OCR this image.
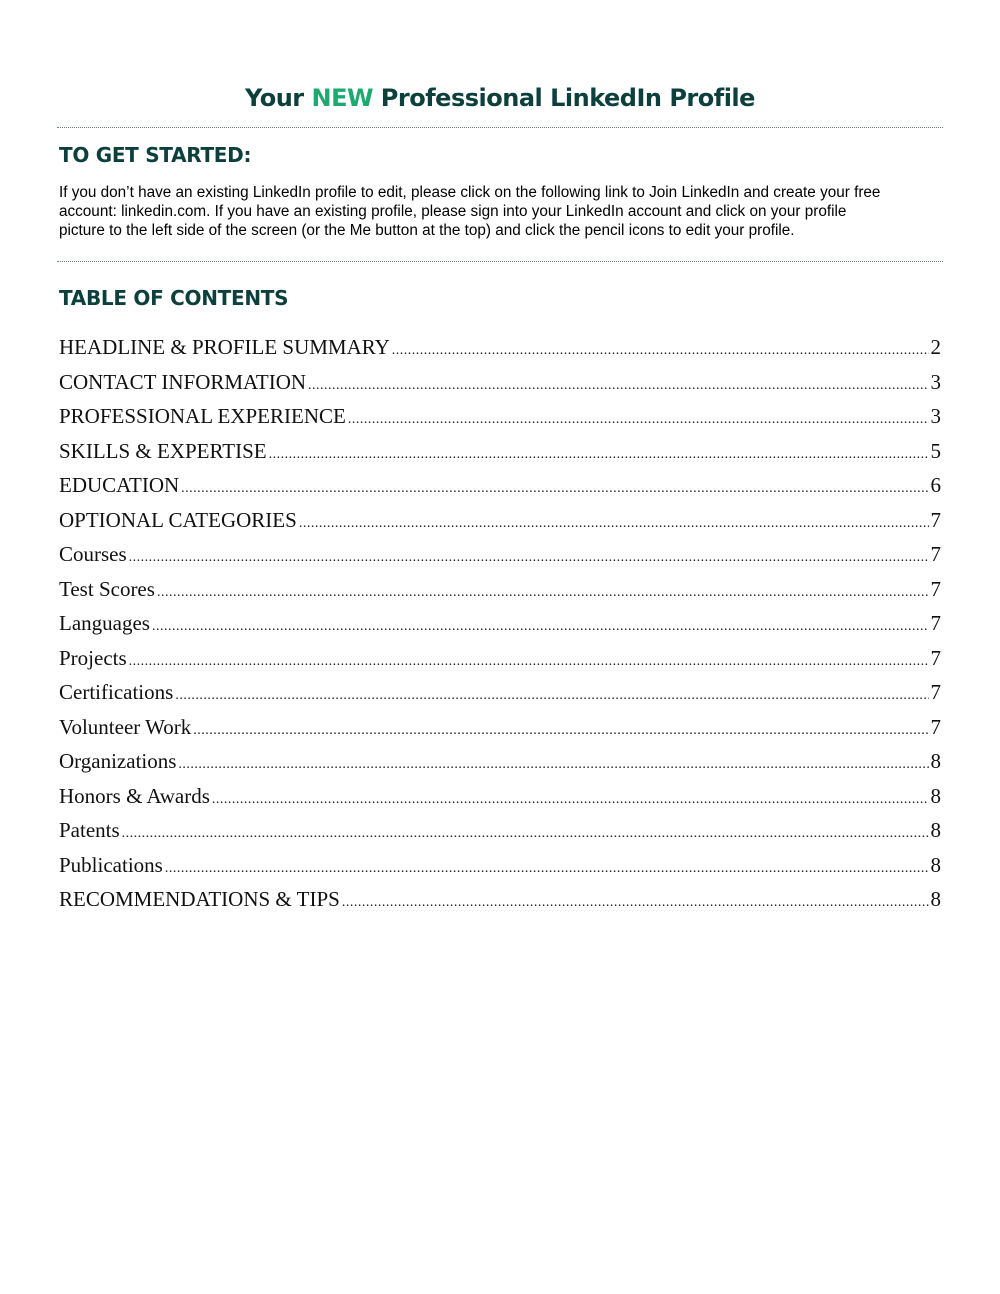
Your NEW Professional LinkedIn Profile
TO GET STARTED:
If you don’t have an existing LinkedIn profile to edit, please click on the following link to Join LinkedIn and create your free
account: linkedin.com. If you have an existing profile, please sign into your LinkedIn account and click on your profile
picture to the left side of the screen (or the Me button at the top) and click the pencil icons to edit your profile.
TABLE OF CONTENTS
HEADLINE & PROFILE SUMMARY .....	2
CONTACT INFORMATION .....	3
PROFESSIONAL EXPERIENCE .....	3
SKILLS & EXPERTISE .....	5
EDUCATION .....	6
OPTIONAL CATEGORIES .....	7
Courses .....	7
Test Scores .....	7
Languages .....	7
Projects .....	7
Certifications .....	7
Volunteer Work .....	7
Organizations .....	8
Honors & Awards .....	8
Patents .....	8
Publications .....	8
RECOMMENDATIONS & TIPS .....	8
